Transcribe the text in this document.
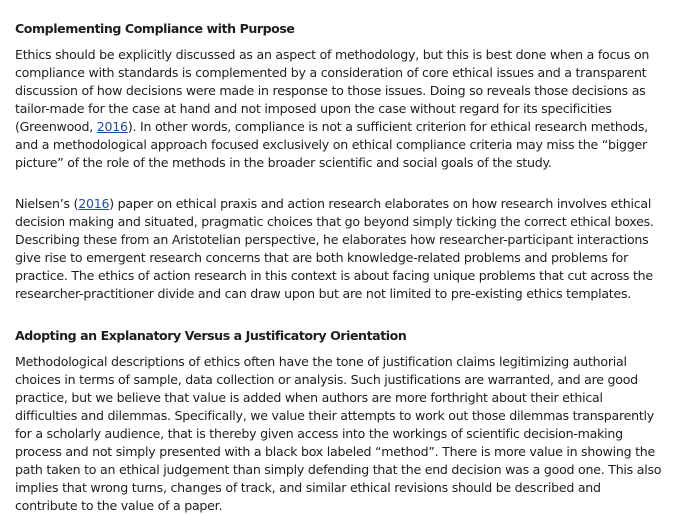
Complementing Compliance with Purpose

Ethics should be explicitly discussed as an aspect of methodology, but this is best done when a focus on
compliance with standards is complemented by a consideration of core ethical issues and a transparent
discussion of how decisions were made in response to those issues. Doing so reveals those decisions as
tailor-made for the case at hand and not imposed upon the case without regard for its specificities
(Greenwood, 2016). In other words, compliance is not a sufficient criterion for ethical research methods,
and a methodological approach focused exclusively on ethical compliance criteria may miss the “bigger
picture” of the role of the methods in the broader scientific and social goals of the study.

Nielsen’s (2016) paper on ethical praxis and action research elaborates on how research involves ethical
decision making and situated, pragmatic choices that go beyond simply ticking the correct ethical boxes.
Describing these from an Aristotelian perspective, he elaborates how researcher-participant interactions
give rise to emergent research concerns that are both knowledge-related problems and problems for
practice. The ethics of action research in this context is about facing unique problems that cut across the
researcher-practitioner divide and can draw upon but are not limited to pre-existing ethics templates.

Adopting an Explanatory Versus a Justificatory Orientation

Methodological descriptions of ethics often have the tone of justification claims legitimizing authorial
choices in terms of sample, data collection or analysis. Such justifications are warranted, and are good
practice, but we believe that value is added when authors are more forthright about their ethical
difficulties and dilemmas. Specifically, we value their attempts to work out those dilemmas transparently
for a scholarly audience, that is thereby given access into the workings of scientific decision-making
process and not simply presented with a black box labeled “method”. There is more value in showing the
path taken to an ethical judgement than simply defending that the end decision was a good one. This also
implies that wrong turns, changes of track, and similar ethical revisions should be described and
contribute to the value of a paper.
